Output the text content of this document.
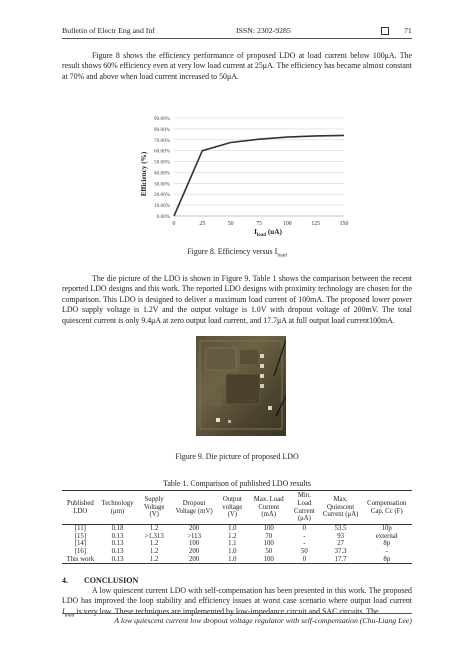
Bulletin of Electr Eng and Inf	ISSN: 2302-9285	71
Figure 8 shows the efficiency performance of proposed LDO at load current below 100μA. The result shows 60% efficiency even at very low load current at 25μA. The efficiency has became almost constant at 70% and above when load current increased to 50μA.
0.00%
10.00%
20.00%
30.00%
40.00%
50.00%
60.00%
70.00%
80.00%
90.00%
0	25	50	75	100	125	150
Efficiency (%)
$I_{load}$ (uA)
Figure 8. Efficiency versus $I_{load}$
The die picture of the LDO is shown in Figure 9. Table 1 shows the comparison between the recent reported LDO designs and this work. The reported LDO designs with proximity technology are chosen for the comparison. This LDO is designed to deliver a maximum load current of 100mA. The proposed lower power LDO supply voltage is 1.2V and the output voltage is 1.0V with dropout voltage of 200mV. The total quiescent current is only 9.4μA at zero output load current, and 17.7μA at full output load current100mA.
Figure 9. Die picture of proposed LDO
Table 1. Comparison of published LDO results
Published LDO	Technology (μm)	Supply Voltage (V)	Dropout Voltage (mV)	Output voltage (V)	Max. Load Current (mA)	Min. Load Current (μA)	Max. Quiescent Current (μA)	Compensation Cap, Cc (F)
[11]	0.18	1.2	200	1.0	100	0	53.5	10p
[15]	0.13	>1.313	>113	1.2	70	-	93	external
[14]	0.13	1.2	100	1.1	100	-	27	8p
[16]	0.13	1.2	200	1.0	50	50	37.3	-
This work	0.13	1.2	200	1.0	100	0	17.7	8p
4. CONCLUSION
A low quiescent current LDO with self-compensation has been presented in this work. The proposed LDO has improved the loop stability and efficiency issues at worst case scenario where output load current $I_{load}$ is very low. These techniques are implemented by low-impedance circuit and SAC circuits. The
A low quiescent current low dropout voltage regulator with self-compensation (Chu-Liang Lee)
